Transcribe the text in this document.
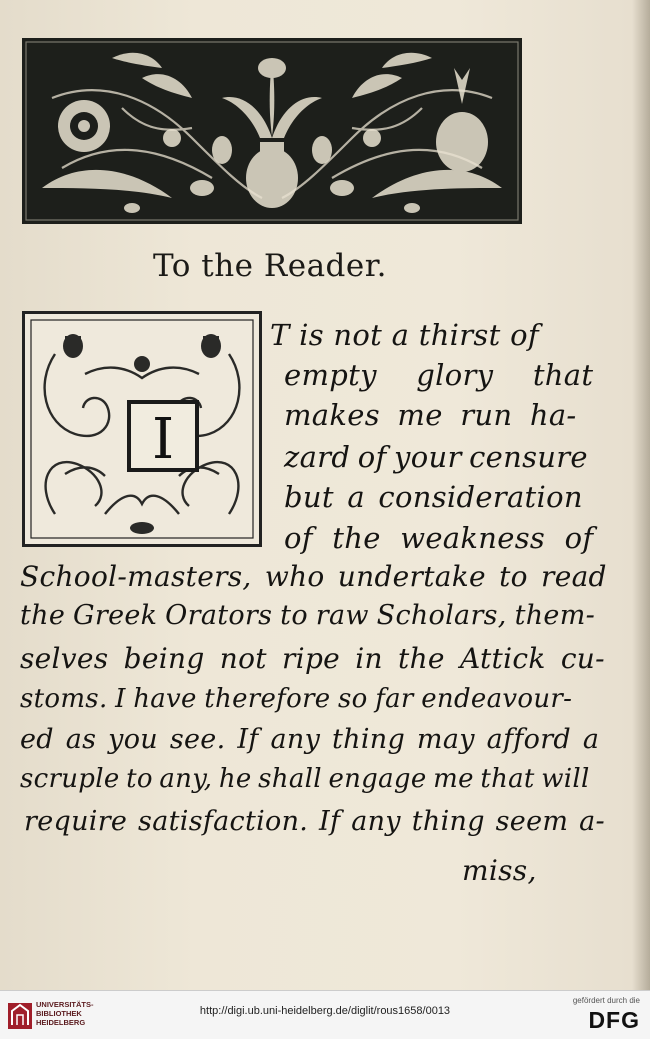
To the Reader.
I
T is not a thirst of
empty glory that
makes me run ha-
zard of your censure
but a consideration
of the weakness of
School-masters, who undertake to read
the Greek Orators to raw Scholars, them-
selves being not ripe in the Attick cu-
stoms. I have therefore so far endeavour-
ed as you see. If any thing may afford a
scruple to any, he shall engage me that will
require satisfaction. If any thing seem a-
miss,
UNIVERSITÄTS-
BIBLIOTHEK
HEIDELBERG
http://digi.ub.uni-heidelberg.de/diglit/rous1658/0013
gefördert durch die
DFG
